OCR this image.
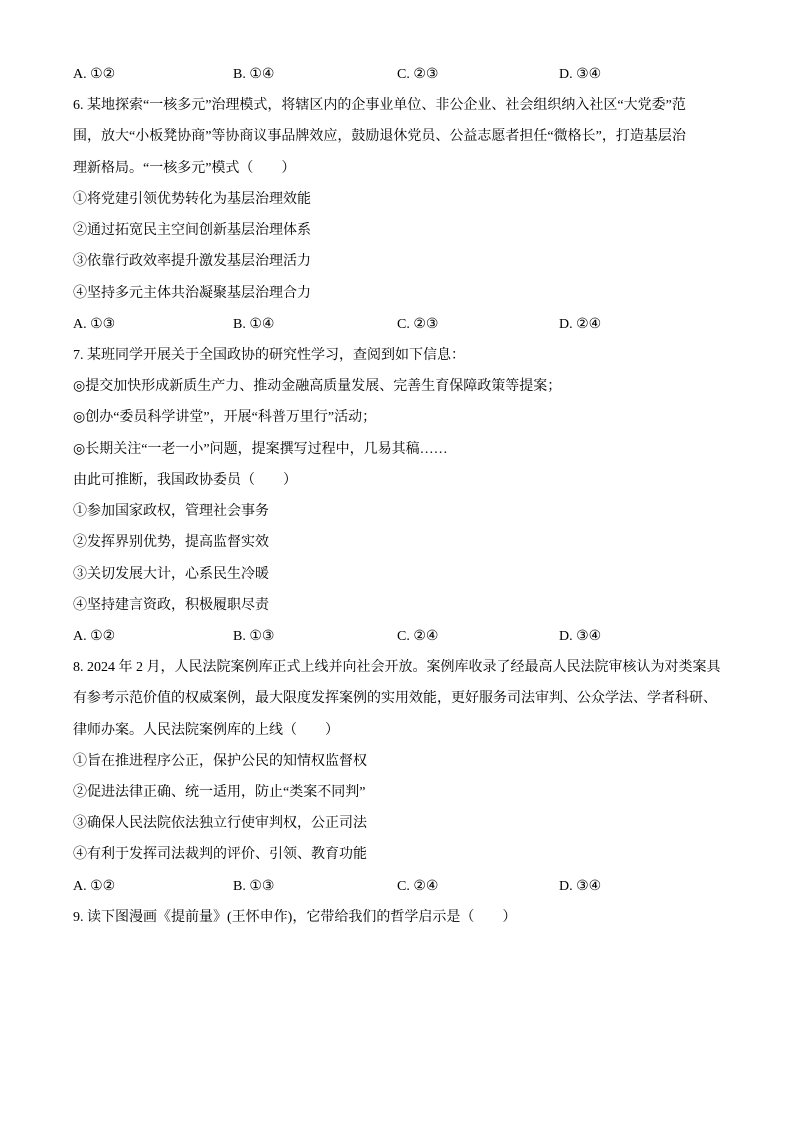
A. ①②	B. ①④	C. ②③	D. ③④
6. 某地探索“一核多元”治理模式，将辖区内的企事业单位、非公企业、社会组织纳入社区“大党委”范
围，放大“小板凳协商”等协商议事品牌效应，鼓励退休党员、公益志愿者担任“微格长”，打造基层治
理新格局。“一核多元”模式（　　）
①将党建引领优势转化为基层治理效能
②通过拓宽民主空间创新基层治理体系
③依靠行政效率提升激发基层治理活力
④坚持多元主体共治凝聚基层治理合力
A. ①③	B. ①④	C. ②③	D. ②④
7. 某班同学开展关于全国政协的研究性学习，查阅到如下信息：
◎提交加快形成新质生产力、推动金融高质量发展、完善生育保障政策等提案；
◎创办“委员科学讲堂”，开展“科普万里行”活动；
◎长期关注“一老一小”问题，提案撰写过程中，几易其稿……
由此可推断，我国政协委员（　　）
①参加国家政权，管理社会事务
②发挥界别优势，提高监督实效
③关切发展大计，心系民生冷暖
④坚持建言资政，积极履职尽责
A. ①②	B. ①③	C. ②④	D. ③④
8. 2024 年 2 月，人民法院案例库正式上线并向社会开放。案例库收录了经最高人民法院审核认为对类案具
有参考示范价值的权威案例，最大限度发挥案例的实用效能，更好服务司法审判、公众学法、学者科研、
律师办案。人民法院案例库的上线（　　）
①旨在推进程序公正，保护公民的知情权监督权
②促进法律正确、统一适用，防止“类案不同判”
③确保人民法院依法独立行使审判权，公正司法
④有利于发挥司法裁判的评价、引领、教育功能
A. ①②	B. ①③	C. ②④	D. ③④
9. 读下图漫画《提前量》(王怀申作)，它带给我们的哲学启示是（　　）
